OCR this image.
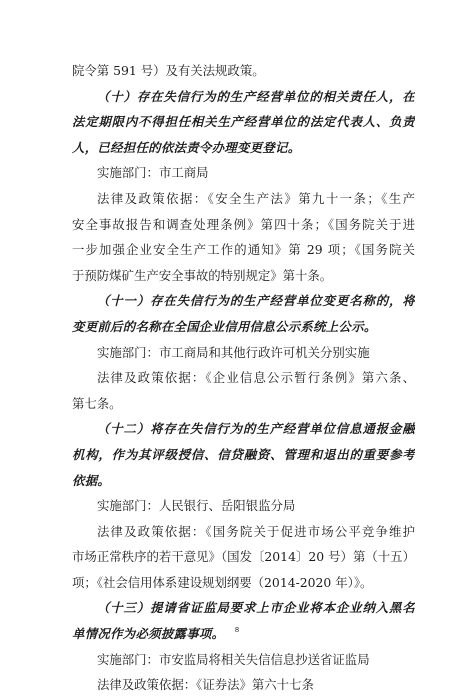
院令第 591 号）及有关法规政策。
（十）存在失信行为的生产经营单位的相关责任人，在
法定期限内不得担任相关生产经营单位的法定代表人、负责
人，已经担任的依法责令办理变更登记。
实施部门：市工商局
法律及政策依据：《安全生产法》第九十一条；《生产
安全事故报告和调查处理条例》第四十条；《国务院关于进
一步加强企业安全生产工作的通知》第 29 项；《国务院关
于预防煤矿生产安全事故的特别规定》第十条。
（十一）存在失信行为的生产经营单位变更名称的，将
变更前后的名称在全国企业信用信息公示系统上公示。
实施部门：市工商局和其他行政许可机关分别实施
法律及政策依据：《企业信息公示暂行条例》第六条、
第七条。
（十二）将存在失信行为的生产经营单位信息通报金融
机构，作为其评级授信、信贷融资、管理和退出的重要参考
依据。
实施部门：人民银行、岳阳银监分局
法律及政策依据：《国务院关于促进市场公平竞争维护
市场正常秩序的若干意见》（国发〔2014〕20 号）第（十五）
项；《社会信用体系建设规划纲要（2014-2020 年）》。
（十三）提请省证监局要求上市企业将本企业纳入黑名
单情况作为必须披露事项。
实施部门：市安监局将相关失信信息抄送省证监局
法律及政策依据：《证券法》第六十七条
8
